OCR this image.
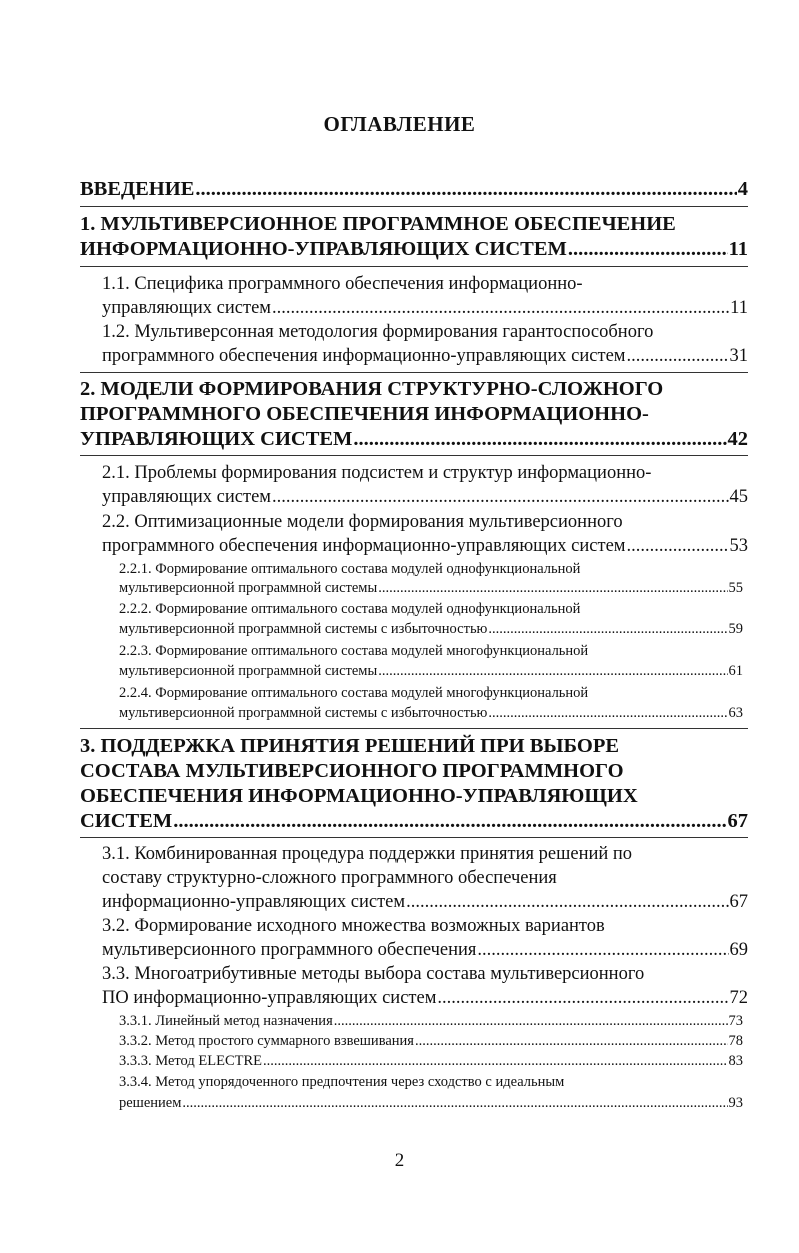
ОГЛАВЛЕНИЕ
ВВЕДЕНИЕ .....	4
1. МУЛЬТИВЕРСИОННОЕ ПРОГРАММНОЕ ОБЕСПЕЧЕНИЕ
ИНФОРМАЦИОННО-УПРАВЛЯЮЩИХ СИСТЕМ .....	11
1.1. Специфика программного обеспечения информационно-
управляющих систем .....	11
1.2. Мультиверсонная методология формирования гарантоспособного
программного обеспечения информационно-управляющих систем .....	31
2. МОДЕЛИ ФОРМИРОВАНИЯ СТРУКТУРНО-СЛОЖНОГО
ПРОГРАММНОГО ОБЕСПЕЧЕНИЯ ИНФОРМАЦИОННО-
УПРАВЛЯЮЩИХ СИСТЕМ .....	42
2.1. Проблемы формирования подсистем и структур информационно-
управляющих систем .....	45
2.2. Оптимизационные модели формирования мультиверсионного
программного обеспечения информационно-управляющих систем .....	53
2.2.1. Формирование оптимального состава модулей однофункциональной
мультиверсионной программной системы .....	55
2.2.2. Формирование оптимального состава модулей однофункциональной
мультиверсионной программной системы с избыточностью .....	59
2.2.3. Формирование оптимального состава модулей многофункциональной
мультиверсионной программной системы .....	61
2.2.4. Формирование оптимального состава модулей многофункциональной
мультиверсионной программной системы с избыточностью .....	63
3. ПОДДЕРЖКА ПРИНЯТИЯ РЕШЕНИЙ ПРИ ВЫБОРЕ
СОСТАВА МУЛЬТИВЕРСИОННОГО ПРОГРАММНОГО
ОБЕСПЕЧЕНИЯ ИНФОРМАЦИОННО-УПРАВЛЯЮЩИХ
СИСТЕМ .....	67
3.1. Комбинированная процедура поддержки принятия решений по
составу структурно-сложного программного обеспечения
информационно-управляющих систем .....	67
3.2. Формирование исходного множества возможных вариантов
мультиверсионного программного обеспечения .....	69
3.3. Многоатрибутивные методы выбора состава мультиверсионного
ПО информационно-управляющих систем .....	72
3.3.1. Линейный метод назначения .....	73
3.3.2. Метод простого суммарного взвешивания .....	78
3.3.3. Метод ELECTRE .....	83
3.3.4. Метод упорядоченного предпочтения через сходство с идеальным
решением .....	93
2
